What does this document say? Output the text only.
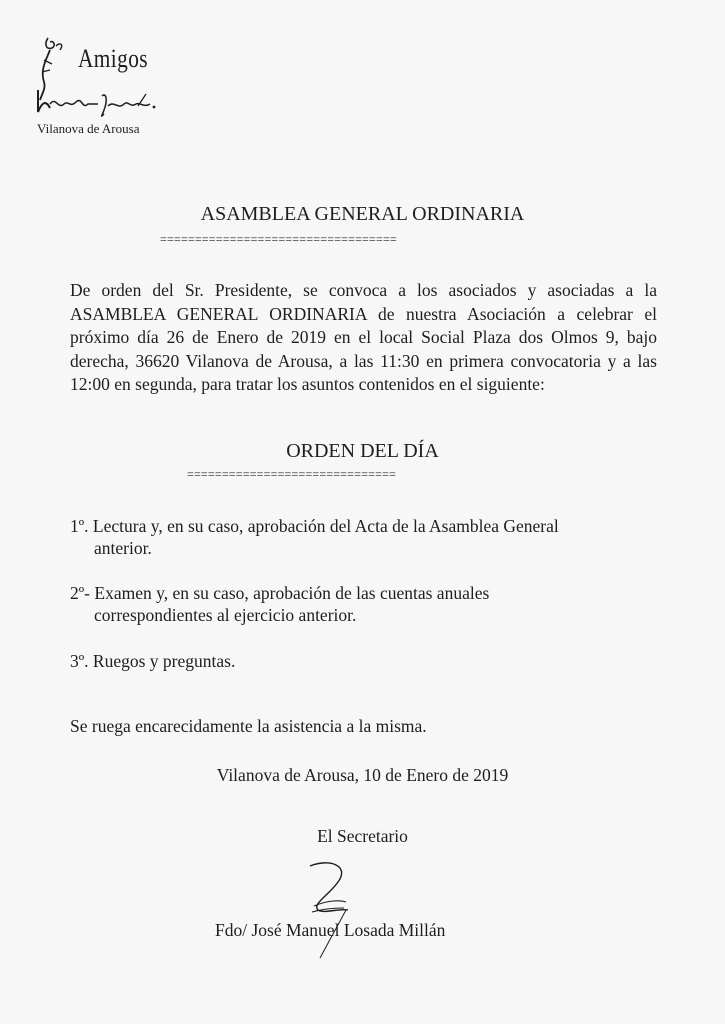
Amigos
Vilanova de Arousa
ASAMBLEA GENERAL ORDINARIA
==================================
De orden del Sr. Presidente, se convoca a los asociados y asociadas a la ASAMBLEA GENERAL ORDINARIA de nuestra Asociación a celebrar el próximo día 26 de Enero de 2019 en el local Social Plaza dos Olmos 9, bajo derecha, 36620 Vilanova de Arousa, a las 11:30 en primera convocatoria y a las 12:00 en segunda, para tratar los asuntos contenidos en el siguiente:
ORDEN DEL DÍA
==============================
1º. Lectura y, en su caso, aprobación del Acta de la Asamblea General
anterior.
2º- Examen y, en su caso, aprobación de las cuentas anuales
correspondientes al ejercicio anterior.
3º. Ruegos y preguntas.
Se ruega encarecidamente la asistencia a la misma.
Vilanova de Arousa, 10 de Enero de 2019
El Secretario
Fdo/ José Manuel Losada Millán
